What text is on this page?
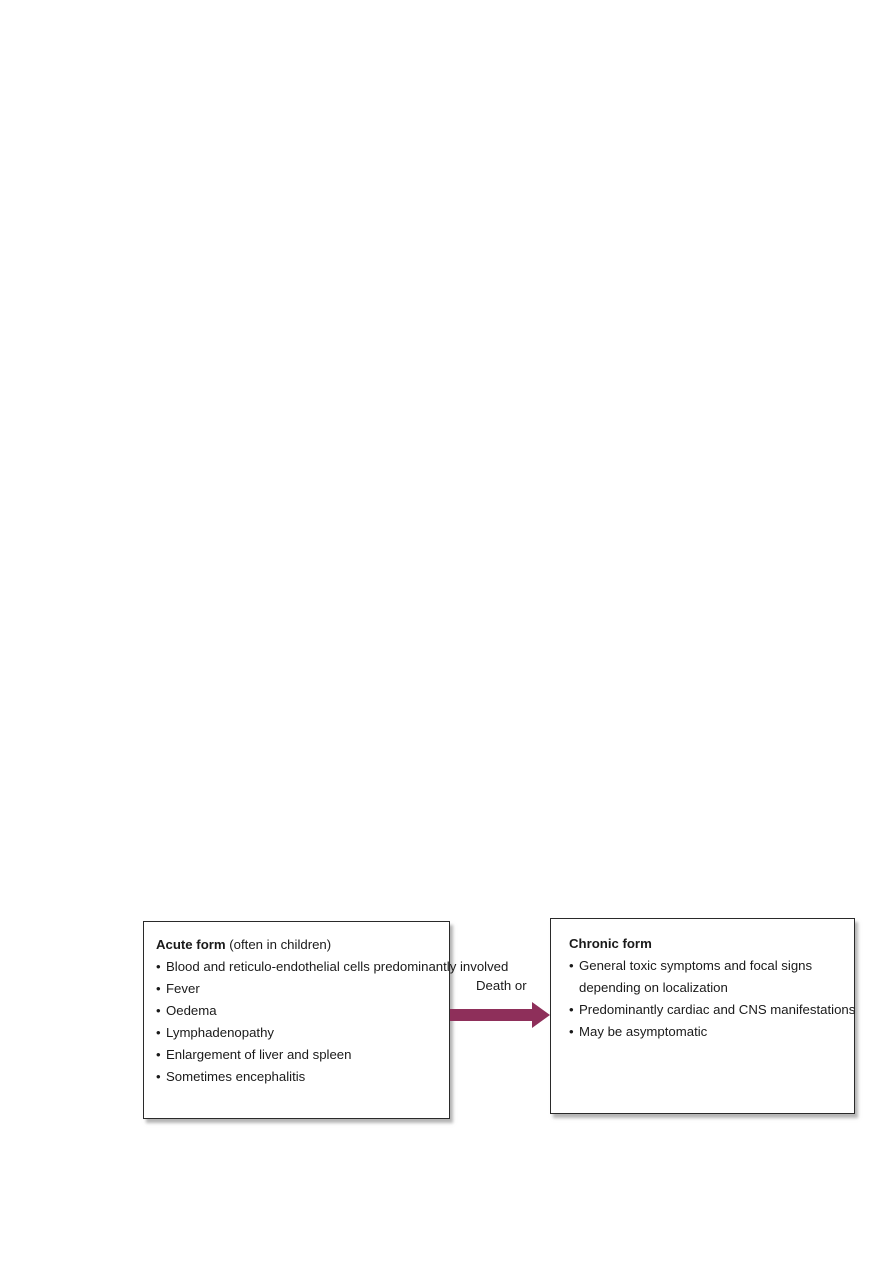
Acute form (often in children)

• Blood and reticulo-endothelial cells predominantly involved
• Fever
• Oedema
• Lymphadenopathy
• Enlargement of liver and spleen
• Sometimes encephalitis
Death or

Chronic form

• General toxic symptoms and focal signs depending on localization
• Predominantly cardiac and CNS manifestations
• May be asymptomatic
